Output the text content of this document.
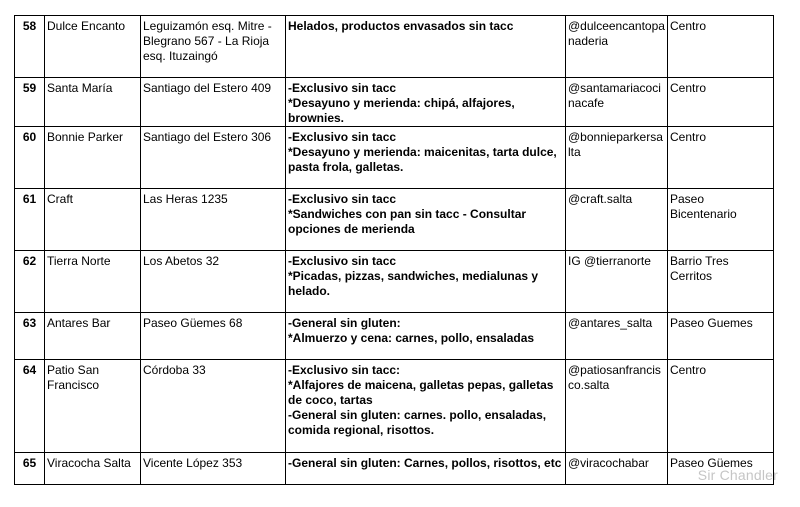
58	Dulce Encanto	Leguizamón esq. Mitre - Blegrano 567 - La Rioja esq. Ituzaingó	Helados, productos envasados sin tacc	@dulceencantopanaderia	Centro
59	Santa María	Santiago del Estero 409	-Exclusivo sin tacc
*Desayuno y merienda: chipá, alfajores, brownies.	@santamariacocinacafe	Centro
60	Bonnie Parker	Santiago del Estero 306	-Exclusivo sin tacc
*Desayuno y merienda: maicenitas, tarta dulce, pasta frola, galletas.	@bonnieparkersalta	Centro
61	Craft	Las Heras 1235	-Exclusivo sin tacc
*Sandwiches con pan sin tacc - Consultar opciones de merienda	@craft.salta	Paseo Bicentenario
62	Tierra Norte	Los Abetos 32	-Exclusivo sin tacc
*Picadas, pizzas, sandwiches, medialunas y helado.	IG @tierranorte	Barrio Tres Cerritos
63	Antares Bar	Paseo Güemes 68	-General sin gluten:
*Almuerzo y cena: carnes, pollo, ensaladas	@antares_salta	Paseo Guemes
64	Patio San Francisco	Córdoba 33	-Exclusivo sin tacc:
*Alfajores de maicena, galletas pepas, galletas de coco, tartas
-General sin gluten: carnes. pollo, ensaladas, comida regional, risottos.	@patiosanfrancisco.salta	Centro
65	Viracocha Salta	Vicente López 353	-General sin gluten: Carnes, pollos, risottos, etc	@viracochabar	Paseo Güemes
Sir Chandler
